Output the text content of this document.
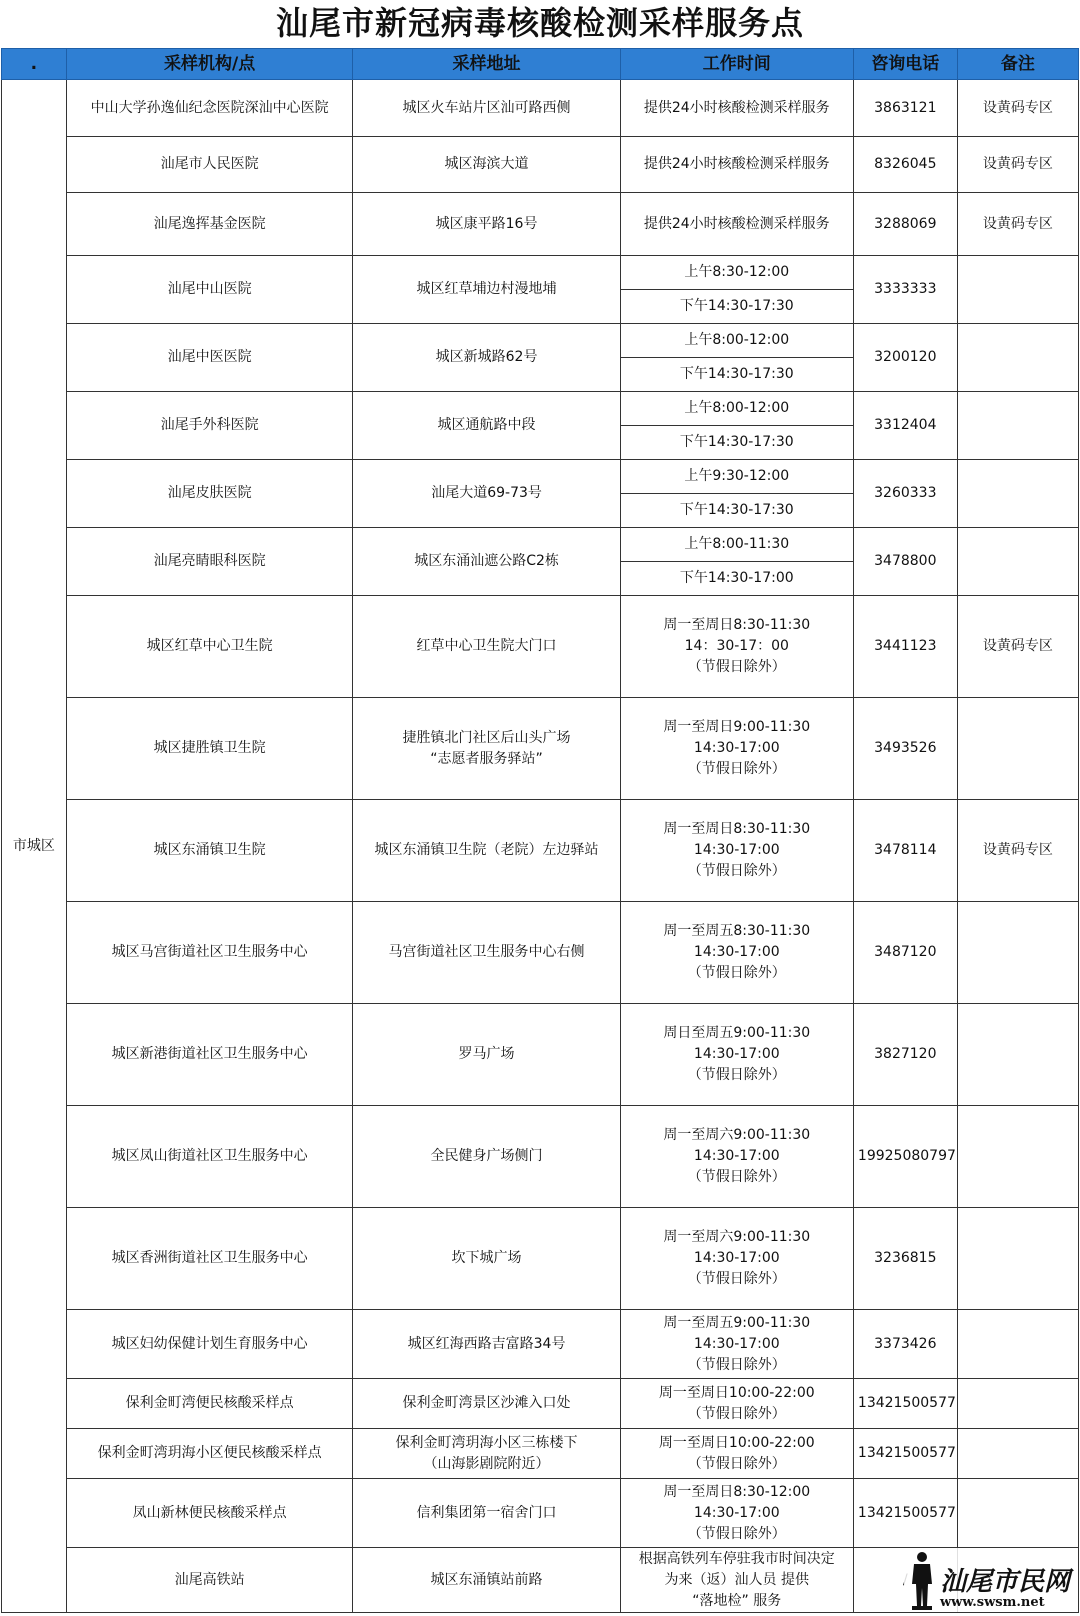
汕尾市新冠病毒核酸检测采样服务点
.	采样机构/点	采样地址	工作时间	咨询电话	备注
市城区	中山大学孙逸仙纪念医院深汕中心医院	城区火车站片区汕可路西侧	提供24小时核酸检测采样服务	3863121	设黄码专区
	汕尾市人民医院	城区海滨大道	提供24小时核酸检测采样服务	8326045	设黄码专区
	汕尾逸挥基金医院	城区康平路16号	提供24小时核酸检测采样服务	3288069	设黄码专区
	汕尾中山医院	城区红草埔边村漫地埔	上午8:30-12:00	3333333	
			下午14:30-17:30		
	汕尾中医医院	城区新城路62号	上午8:00-12:00	3200120	
			下午14:30-17:30		
	汕尾手外科医院	城区通航路中段	上午8:00-12:00	3312404	
			下午14:30-17:30		
	汕尾皮肤医院	汕尾大道69-73号	上午9:30-12:00	3260333	
			下午14:30-17:30		
	汕尾亮睛眼科医院	城区东涌汕遮公路C2栋	上午8:00-11:30	3478800	
			下午14:30-17:00		
	城区红草中心卫生院	红草中心卫生院大门口	周一至周日8:30-11:30
14：30-17：00
（节假日除外）	3441123	设黄码专区
	城区捷胜镇卫生院	捷胜镇北门社区后山头广场
“志愿者服务驿站”	周一至周日9:00-11:30
14:30-17:00
（节假日除外）	3493526	
	城区东涌镇卫生院	城区东涌镇卫生院（老院）左边驿站	周一至周日8:30-11:30
14:30-17:00
（节假日除外）	3478114	设黄码专区
	城区马宫街道社区卫生服务中心	马宫街道社区卫生服务中心右侧	周一至周五8:30-11:30
14:30-17:00
（节假日除外）	3487120	
	城区新港街道社区卫生服务中心	罗马广场	周日至周五9:00-11:30
14:30-17:00
（节假日除外）	3827120	
	城区凤山街道社区卫生服务中心	全民健身广场侧门	周一至周六9:00-11:30
14:30-17:00
（节假日除外）	19925080797	
	城区香洲街道社区卫生服务中心	坎下城广场	周一至周六9:00-11:30
14:30-17:00
（节假日除外）	3236815	
	城区妇幼保健计划生育服务中心	城区红海西路吉富路34号	周一至周五9:00-11:30
14:30-17:00
（节假日除外）	3373426	
	保利金町湾便民核酸采样点	保利金町湾景区沙滩入口处	周一至周日10:00-22:00
（节假日除外）	13421500577	
	保利金町湾玥海小区便民核酸采样点	保利金町湾玥海小区三栋楼下
（山海影剧院附近）	周一至周日10:00-22:00
（节假日除外）	13421500577	
	凤山新林便民核酸采样点	信利集团第一宿舍门口	周一至周日8:30-12:00
14:30-17:00
（节假日除外）	13421500577	
	汕尾高铁站	城区东涌镇站前路	根据高铁列车停驻我市时间决定
为来（返）汕人员 提供
“落地检” 服务

汕尾市民网
www.swsm.net
